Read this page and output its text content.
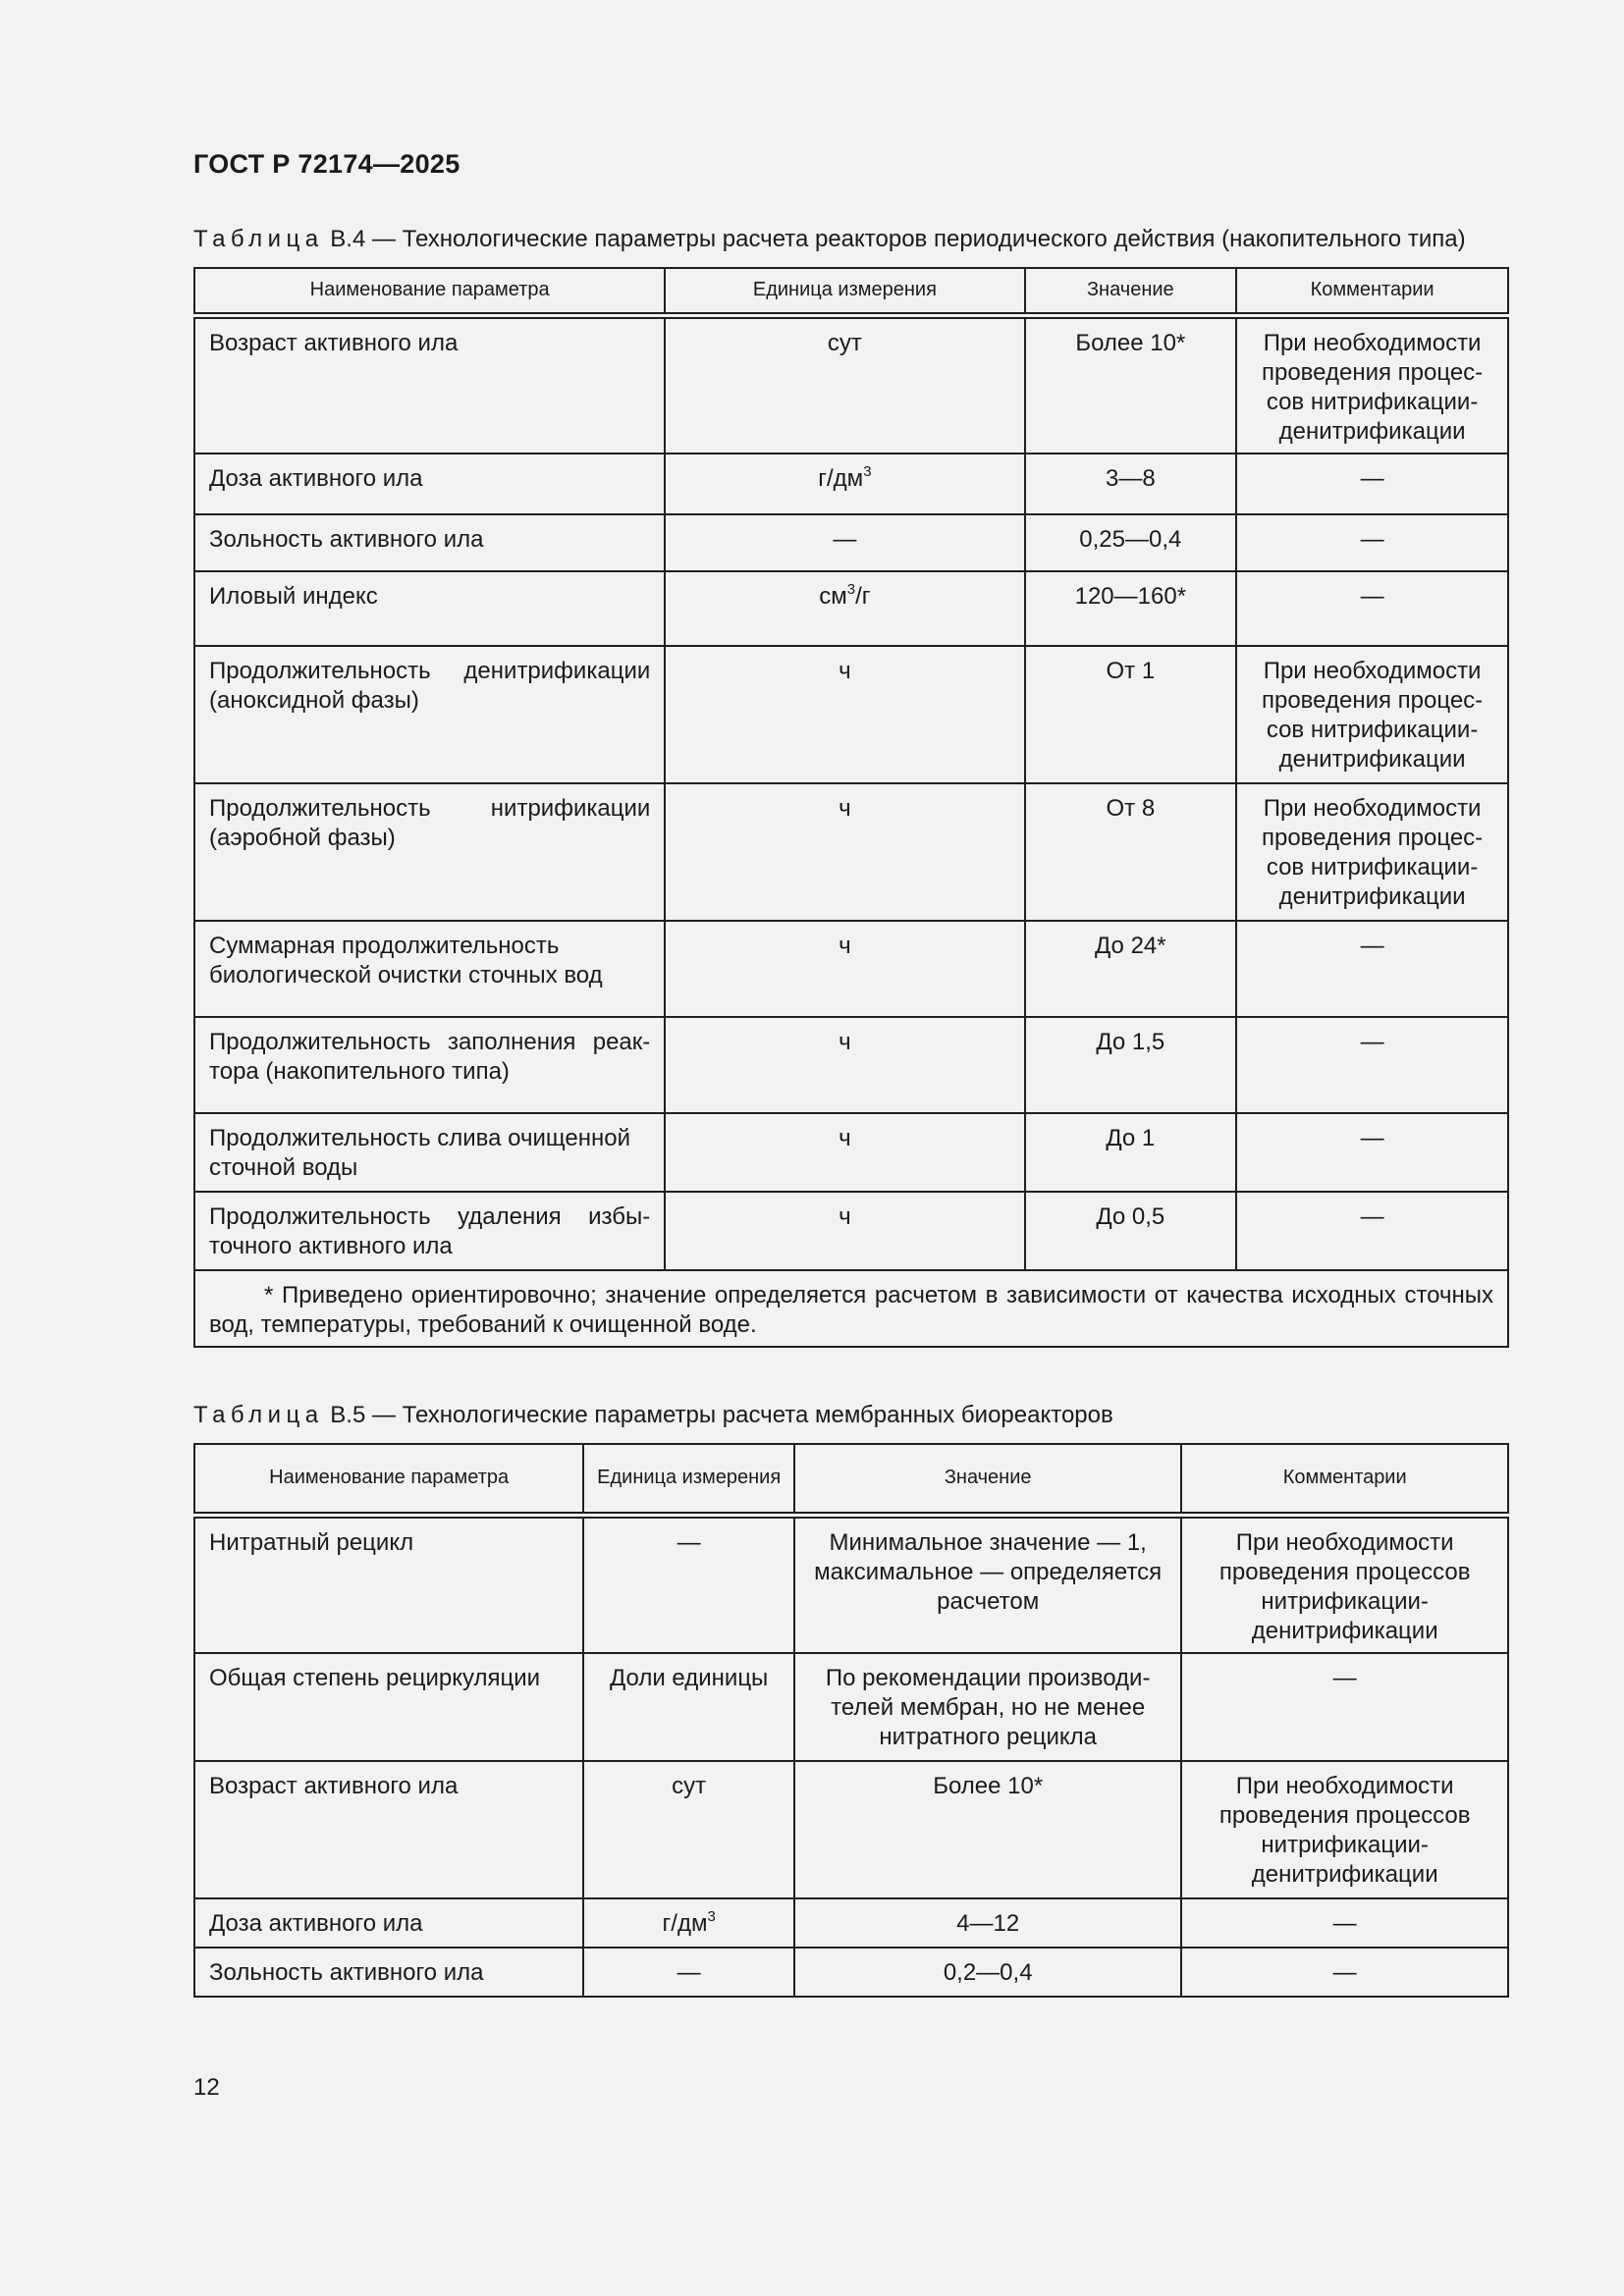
ГОСТ Р 72174—2025
Таблица В.4 — Технологические параметры расчета реакторов периодического действия (накопительного типа)
Наименование параметра	Единица измерения	Значение	Комментарии
Возраст активного ила	сут	Более 10*	При необходимости проведения процессов нитрификации-денитрификации
Доза активного ила	$г/дм^3$	3—8	—
Зольность активного ила	—	0,25—0,4	—
Иловый индекс	$см^3/г$	120—160*	—
Продолжительность денитрификации (аноксидной фазы)	ч	От 1	При необходимости проведения процессов нитрификации-денитрификации
Продолжительность нитрификации (аэробной фазы)	ч	От 8	При необходимости проведения процессов нитрификации-денитрификации
Суммарная продолжительность биологической очистки сточных вод	ч	До 24*	—
Продолжительность заполнения реактора (накопительного типа)	ч	До 1,5	—
Продолжительность слива очищенной сточной воды	ч	До 1	—
Продолжительность удаления избыточного активного ила	ч	До 0,5	—
* Приведено ориентировочно; значение определяется расчетом в зависимости от качества исходных сточных вод, температуры, требований к очищенной воде.			
Таблица В.5 — Технологические параметры расчета мембранных биореакторов
Наименование параметра	Единица измерения	Значение	Комментарии
Нитратный рецикл	—	Минимальное значение — 1, максимальное — определяется расчетом	При необходимости проведения процессов нитрификации-денитрификации
Общая степень рециркуляции	Доли единицы	По рекомендации производителей мембран, но не менее нитратного рецикла	—
Возраст активного ила	сут	Более 10*	При необходимости проведения процессов нитрификации-денитрификации
Доза активного ила	$г/дм^3$	4—12	—
Зольность активного ила	—	0,2—0,4	—
12
